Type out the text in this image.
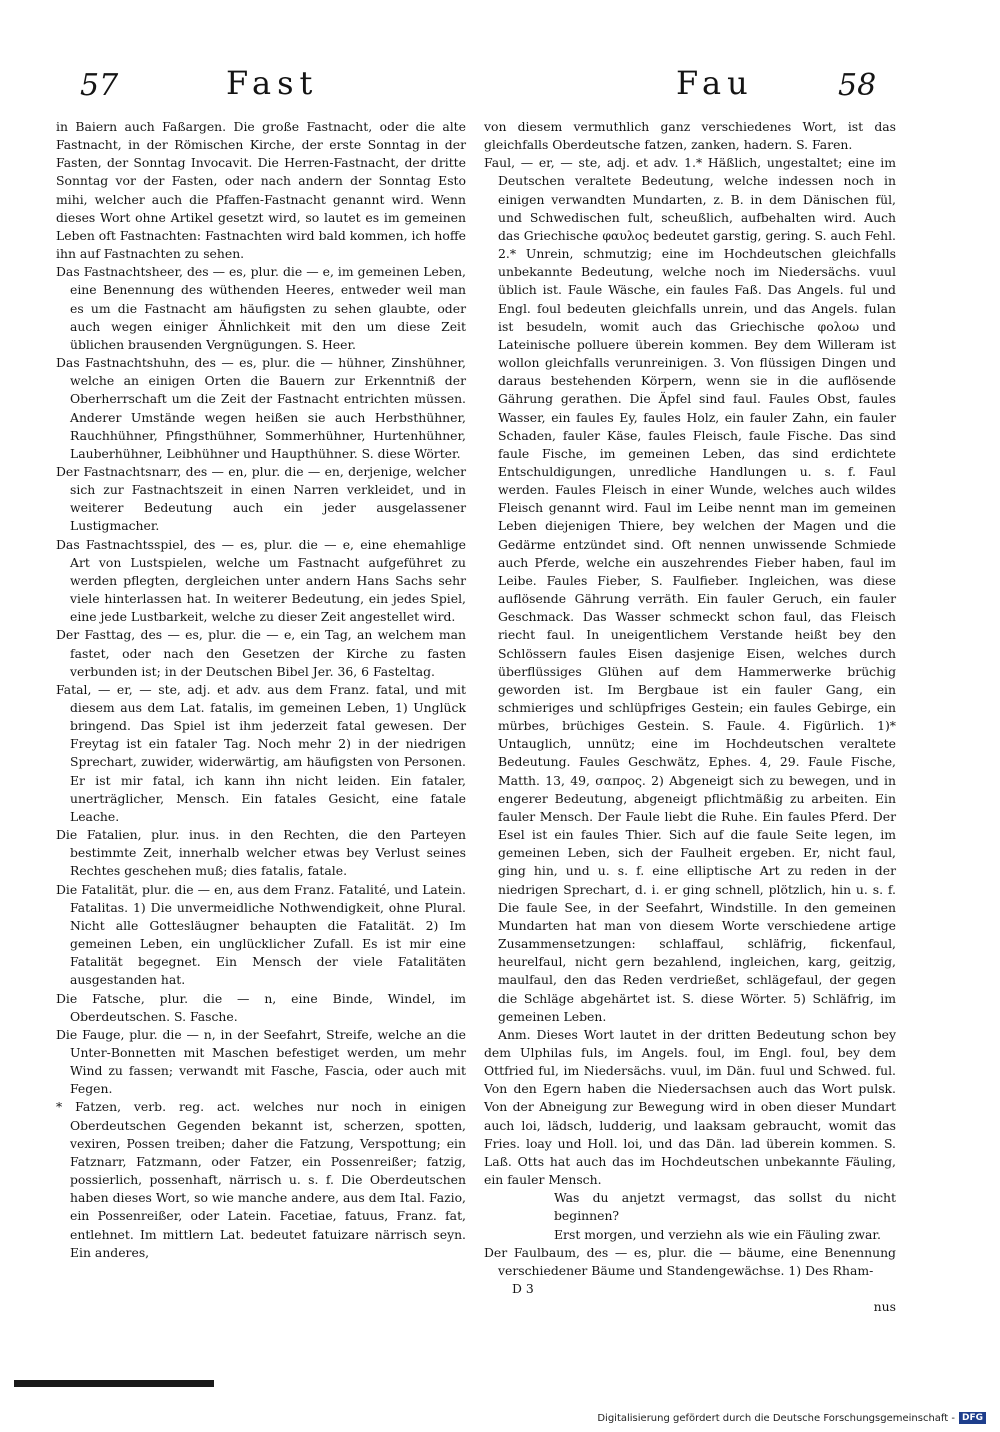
57	Fast	Fau	58

in Baiern auch Faßargen. Die große Fastnacht, oder die alte Fastnacht, in der Römischen Kirche, der erste Sonntag in der Fasten, der Sonntag Invocavit. Die Herren-Fastnacht, der dritte Sonntag vor der Fasten, oder nach andern der Sonntag Esto mihi, welcher auch die Pfaffen-Fastnacht genannt wird. Wenn dieses Wort ohne Artikel gesetzt wird, so lautet es im gemeinen Leben oft Fastnachten: Fastnachten wird bald kommen, ich hoffe ihn auf Fastnachten zu sehen.

Das Fastnachtsheer, des — es, plur. die — e, im gemeinen Leben, eine Benennung des wüthenden Heeres, entweder weil man es um die Fastnacht am häufigsten zu sehen glaubte, oder auch wegen einiger Ähnlichkeit mit den um diese Zeit üblichen brausenden Vergnügungen. S. Heer.

Das Fastnachtshuhn, des — es, plur. die — hühner, Zinshühner, welche an einigen Orten die Bauern zur Erkenntniß der Oberherrschaft um die Zeit der Fastnacht entrichten müssen. Anderer Umstände wegen heißen sie auch Herbsthühner, Rauchhühner, Pfingsthühner, Sommerhühner, Hurtenhühner, Lauberhühner, Leibhühner und Haupthühner. S. diese Wörter.

Der Fastnachtsnarr, des — en, plur. die — en, derjenige, welcher sich zur Fastnachtszeit in einen Narren verkleidet, und in weiterer Bedeutung auch ein jeder ausgelassener Lustigmacher.

Das Fastnachtsspiel, des — es, plur. die — e, eine ehemahlige Art von Lustspielen, welche um Fastnacht aufgeführet zu werden pflegten, dergleichen unter andern Hans Sachs sehr viele hinterlassen hat. In weiterer Bedeutung, ein jedes Spiel, eine jede Lustbarkeit, welche zu dieser Zeit angestellet wird.

Der Fasttag, des — es, plur. die — e, ein Tag, an welchem man fastet, oder nach den Gesetzen der Kirche zu fasten verbunden ist; in der Deutschen Bibel Jer. 36, 6 Fasteltag.

Fatal, — er, — ste, adj. et adv. aus dem Franz. fatal, und mit diesem aus dem Lat. fatalis, im gemeinen Leben, 1) Unglück bringend. Das Spiel ist ihm jederzeit fatal gewesen. Der Freytag ist ein fataler Tag. Noch mehr 2) in der niedrigen Sprechart, zuwider, widerwärtig, am häufigsten von Personen. Er ist mir fatal, ich kann ihn nicht leiden. Ein fataler, unerträglicher, Mensch. Ein fatales Gesicht, eine fatale Leache.

Die Fatalien, plur. inus. in den Rechten, die den Parteyen bestimmte Zeit, innerhalb welcher etwas bey Verlust seines Rechtes geschehen muß; dies fatalis, fatale.

Die Fatalität, plur. die — en, aus dem Franz. Fatalité, und Latein. Fatalitas. 1) Die unvermeidliche Nothwendigkeit, ohne Plural. Nicht alle Gottesläugner behaupten die Fatalität. 2) Im gemeinen Leben, ein unglücklicher Zufall. Es ist mir eine Fatalität begegnet. Ein Mensch der viele Fatalitäten ausgestanden hat.

Die Fatsche, plur. die — n, eine Binde, Windel, im Oberdeutschen. S. Fasche.

Die Fauge, plur. die — n, in der Seefahrt, Streife, welche an die Unter-Bonnetten mit Maschen befestiget werden, um mehr Wind zu fassen; verwandt mit Fasche, Fascia, oder auch mit Fegen.

* Fatzen, verb. reg. act. welches nur noch in einigen Oberdeutschen Gegenden bekannt ist, scherzen, spotten, vexiren, Possen treiben; daher die Fatzung, Verspottung; ein Fatznarr, Fatzmann, oder Fatzer, ein Possenreißer; fatzig, possierlich, possenhaft, närrisch u. s. f. Die Oberdeutschen haben dieses Wort, so wie manche andere, aus dem Ital. Fazio, ein Possenreißer, oder Latein. Facetiae, fatuus, Franz. fat, entlehnet. Im mittlern Lat. bedeutet fatuizare närrisch seyn. Ein anderes,

von diesem vermuthlich ganz verschiedenes Wort, ist das gleichfalls Oberdeutsche fatzen, zanken, hadern. S. Faren.

Faul, — er, — ste, adj. et adv. 1.* Häßlich, ungestaltet; eine im Deutschen veraltete Bedeutung, welche indessen noch in einigen verwandten Mundarten, z. B. in dem Dänischen fül, und Schwedischen fult, scheußlich, aufbehalten wird. Auch das Griechische φαυλος bedeutet garstig, gering. S. auch Fehl. 2.* Unrein, schmutzig; eine im Hochdeutschen gleichfalls unbekannte Bedeutung, welche noch im Niedersächs. vuul üblich ist. Faule Wäsche, ein faules Faß. Das Angels. ful und Engl. foul bedeuten gleichfalls unrein, und das Angels. fulan ist besudeln, womit auch das Griechische φολοω und Lateinische polluere überein kommen. Bey dem Willeram ist wollon gleichfalls verunreinigen. 3. Von flüssigen Dingen und daraus bestehenden Körpern, wenn sie in die auflösende Gährung gerathen. Die Äpfel sind faul. Faules Obst, faules Wasser, ein faules Ey, faules Holz, ein fauler Zahn, ein fauler Schaden, fauler Käse, faules Fleisch, faule Fische. Das sind faule Fische, im gemeinen Leben, das sind erdichtete Entschuldigungen, unredliche Handlungen u. s. f. Faul werden. Faules Fleisch in einer Wunde, welches auch wildes Fleisch genannt wird. Faul im Leibe nennt man im gemeinen Leben diejenigen Thiere, bey welchen der Magen und die Gedärme entzündet sind. Oft nennen unwissende Schmiede auch Pferde, welche ein auszehrendes Fieber haben, faul im Leibe. Faules Fieber, S. Faulfieber. Ingleichen, was diese auflösende Gährung verräth. Ein fauler Geruch, ein fauler Geschmack. Das Wasser schmeckt schon faul, das Fleisch riecht faul. In uneigentlichem Verstande heißt bey den Schlössern faules Eisen dasjenige Eisen, welches durch überflüssiges Glühen auf dem Hammerwerke brüchig geworden ist. Im Bergbaue ist ein fauler Gang, ein schmieriges und schlüpfriges Gestein; ein faules Gebirge, ein mürbes, brüchiges Gestein. S. Faule. 4. Figürlich. 1)* Untauglich, unnütz; eine im Hochdeutschen veraltete Bedeutung. Faules Geschwätz, Ephes. 4, 29. Faule Fische, Matth. 13, 49, σαπρος. 2) Abgeneigt sich zu bewegen, und in engerer Bedeutung, abgeneigt pflichtmäßig zu arbeiten. Ein fauler Mensch. Der Faule liebt die Ruhe. Ein faules Pferd. Der Esel ist ein faules Thier. Sich auf die faule Seite legen, im gemeinen Leben, sich der Faulheit ergeben. Er, nicht faul, ging hin, und u. s. f. eine elliptische Art zu reden in der niedrigen Sprechart, d. i. er ging schnell, plötzlich, hin u. s. f. Die faule See, in der Seefahrt, Windstille. In den gemeinen Mundarten hat man von diesem Worte verschiedene artige Zusammensetzungen: schlaffaul, schläfrig, fickenfaul, heurelfaul, nicht gern bezahlend, ingleichen, karg, geitzig, maulfaul, den das Reden verdrießet, schlägefaul, der gegen die Schläge abgehärtet ist. S. diese Wörter. 5) Schläfrig, im gemeinen Leben.

Anm. Dieses Wort lautet in der dritten Bedeutung schon bey dem Ulphilas fuls, im Angels. foul, im Engl. foul, bey dem Ottfried ful, im Niedersächs. vuul, im Dän. fuul und Schwed. ful. Von den Egern haben die Niedersachsen auch das Wort pulsk. Von der Abneigung zur Bewegung wird in oben dieser Mundart auch loi, lädsch, ludderig, und laaksam gebraucht, womit das Fries. loay und Holl. loi, und das Dän. lad überein kommen. S. Laß. Otts hat auch das im Hochdeutschen unbekannte Fäuling, ein fauler Mensch.

Was du anjetzt vermagst, das sollst du nicht beginnen?

Erst morgen, und verziehn als wie ein Fäuling zwar.

Der Faulbaum, des — es, plur. die — bäume, eine Benennung verschiedener Bäume und Standengewächse. 1) Des Rham-

D 3

nus

Digitalisierung gefördert durch die Deutsche Forschungsgemeinschaft - DFG
